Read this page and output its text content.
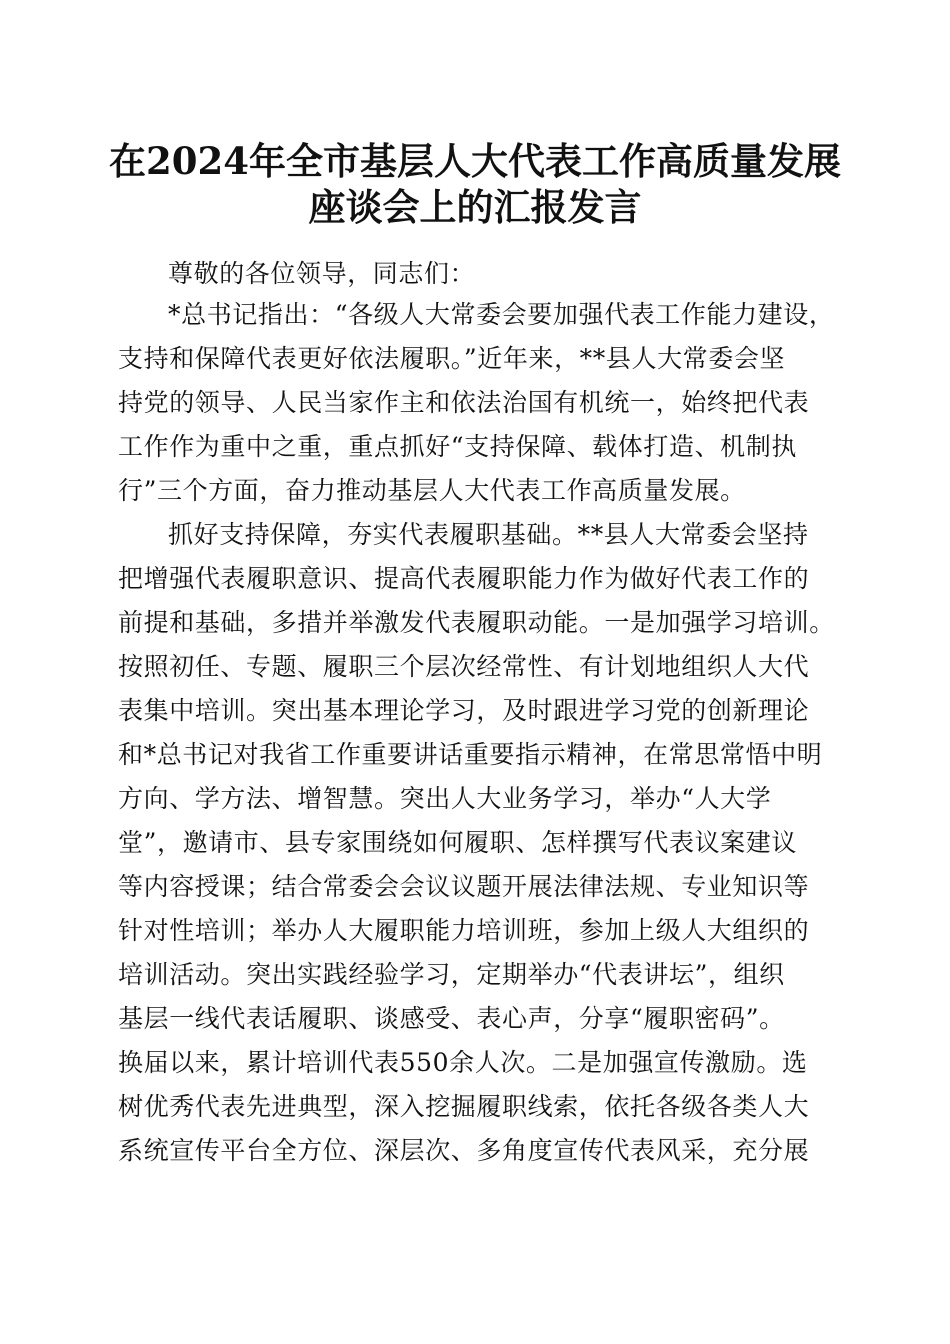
在2024年全市基层人大代表工作高质量发展
座谈会上的汇报发言
尊敬的各位领导，同志们：
*总书记指出：“各级人大常委会要加强代表工作能力建设，
支持和保障代表更好依法履职。”近年来，**县人大常委会坚
持党的领导、人民当家作主和依法治国有机统一，始终把代表
工作作为重中之重，重点抓好“支持保障、载体打造、机制执
行”三个方面，奋力推动基层人大代表工作高质量发展。
抓好支持保障，夯实代表履职基础。**县人大常委会坚持
把增强代表履职意识、提高代表履职能力作为做好代表工作的
前提和基础，多措并举激发代表履职动能。一是加强学习培训。
按照初任、专题、履职三个层次经常性、有计划地组织人大代
表集中培训。突出基本理论学习，及时跟进学习党的创新理论
和*总书记对我省工作重要讲话重要指示精神，在常思常悟中明
方向、学方法、增智慧。突出人大业务学习，举办“人大学
堂”，邀请市、县专家围绕如何履职、怎样撰写代表议案建议
等内容授课；结合常委会会议议题开展法律法规、专业知识等
针对性培训；举办人大履职能力培训班，参加上级人大组织的
培训活动。突出实践经验学习，定期举办“代表讲坛”，组织
基层一线代表话履职、谈感受、表心声，分享“履职密码”。
换届以来，累计培训代表550余人次。二是加强宣传激励。选
树优秀代表先进典型，深入挖掘履职线索，依托各级各类人大
系统宣传平台全方位、深层次、多角度宣传代表风采，充分展
